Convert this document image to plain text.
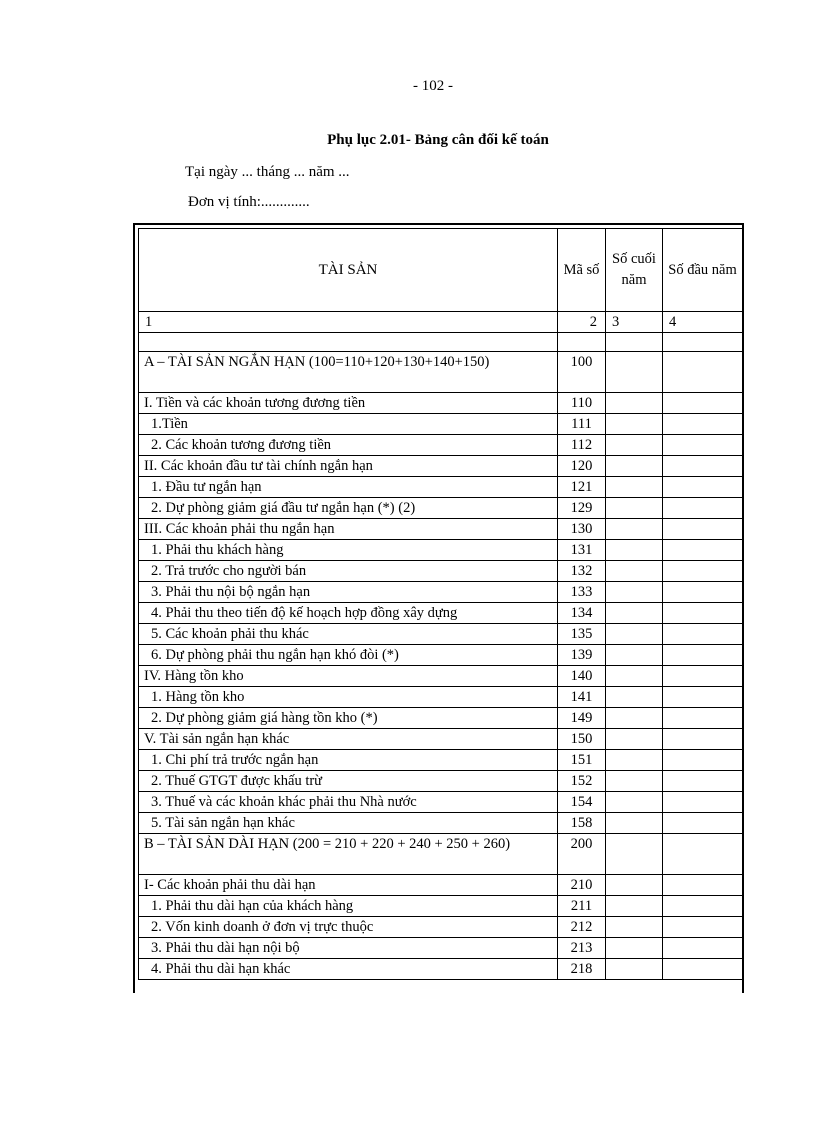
- 102 -
Phụ lục 2.01- Bảng cân đối kế toán
Tại ngày ... tháng ... năm ...
Đơn vị tính:.............
TÀI SẢN	Mã số	Số cuối năm	Số đầu năm
1	2	3	4

A – TÀI SẢN NGẮN HẠN (100=110+120+130+140+150)	100		
I. Tiền và các khoản tương đương tiền	110		
1.Tiền	111		
2. Các khoản tương đương tiền	112		
II. Các khoản đầu tư tài chính ngắn hạn	120		
1. Đầu tư ngắn hạn	121		
2. Dự phòng giảm giá đầu tư ngắn hạn (*) (2)	129		
III. Các khoản phải thu ngắn hạn	130		
1. Phải thu khách hàng	131		
2. Trả trước cho người bán	132		
3. Phải thu nội bộ ngắn hạn	133		
4. Phải thu theo tiến độ kế hoạch hợp đồng xây dựng	134		
5. Các khoản phải thu khác	135		
6. Dự phòng phải thu ngắn hạn khó đòi (*)	139		
IV. Hàng tồn kho	140		
1. Hàng tồn kho	141		
2. Dự phòng giảm giá hàng tồn kho (*)	149		
V. Tài sản ngắn hạn khác	150		
1. Chi phí trả trước ngắn hạn	151		
2. Thuế GTGT được khấu trừ	152		
3. Thuế và các khoản khác phải thu Nhà nước	154		
5. Tài sản ngắn hạn khác	158		
B – TÀI SẢN DÀI HẠN (200 = 210 + 220 + 240 + 250 + 260)	200		
I- Các khoản phải thu dài hạn	210		
1. Phải thu dài hạn của khách hàng	211		
2. Vốn kinh doanh ở đơn vị trực thuộc	212		
3. Phải thu dài hạn nội bộ	213		
4. Phải thu dài hạn khác	218		
